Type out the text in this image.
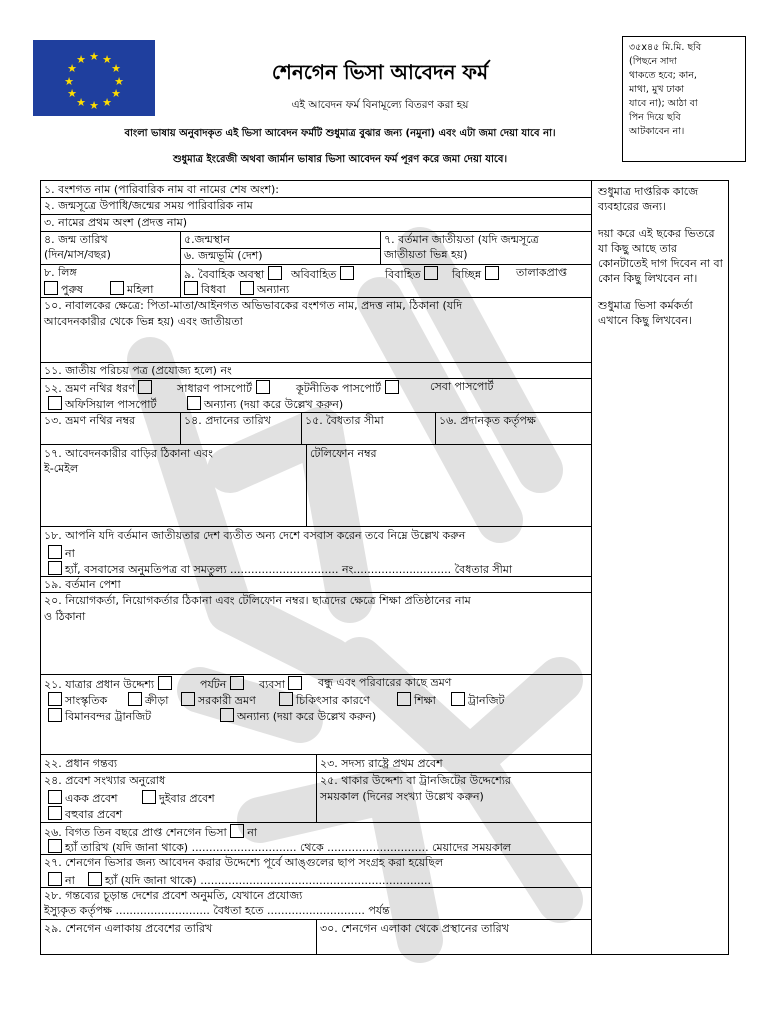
★ ★
★
★
★
★
★
★
★
★
★
★
শেনগেন ভিসা আবেদন ফর্ম
এই আবেদন ফর্ম বিনামূল্যে বিতরণ করা হয়
বাংলা ভাষায় অনুবাদকৃত এই ভিসা আবেদন ফর্মটি শুধুমাত্র বুঝার জন্য (নমুনা) এবং এটা জমা দেয়া যাবে না।
শুধুমাত্র ইংরেজী অথবা জার্মান ভাষার ভিসা আবেদন ফর্ম পূরণ করে জমা দেয়া যাবে।
৩৫x৪৫ মি.মি. ছবি
(পিছনে সাদা
থাকতে হবে; কান,
মাথা, মুখ ঢাকা
যাবে না); আঠা বা
পিন দিয়ে ছবি
আটকাবেন না।

শুধুমাত্র দাপ্তরিক কাজে ব্যবহারের জন্য।

দয়া করে এই ছকের ভিতরে যা কিছু আছে তার কোনটাতেই দাগ দিবেন না বা কোন কিছু লিখবেন না।

শুধুমাত্র ভিসা কর্মকর্তা এখানে কিছু লিখবেন।

১. বংশগত নাম (পারিবারিক নাম বা নামের শেষ অংশ):
২. জন্মসূত্রে উপাধি/জন্মের সময় পারিবারিক নাম
৩. নামের প্রথম অংশ (প্রদত্ত নাম)
৪. জন্ম তারিখ
(দিন/মাস/বছর)
৫.জন্মস্থান
৬. জন্মভূমি (দেশ)
৭. বর্তমান জাতীয়তা (যদি জন্মসূত্রে
জাতীয়তা ভিন্ন হয়)
৮. লিঙ্গ
পুরুষ	মহিলা
৯. বৈবাহিক অবস্থা	অবিবাহিত	বিবাহিত	বিচ্ছিন্ন	তালাকপ্রাপ্ত
বিধবা	অন্যান্য
১০. নাবালকের ক্ষেত্রে: পিতা-মাতা/আইনগত অভিভাবকের বংশগত নাম, প্রদত্ত নাম, ঠিকানা (যদি
আবেদনকারীর থেকে ভিন্ন হয়) এবং জাতীয়তা
১১. জাতীয় পরিচয় পত্র (প্রযোজ্য হলে) নং
১২. ভ্রমণ নথির ধরণ	সাধারণ পাসপোর্ট	কূটনীতিক পাসপোর্ট	সেবা পাসপোর্ট
অফিসিয়াল পাসপোর্ট	অন্যান্য (দয়া করে উল্লেখ করুন)
১৩. ভ্রমণ নথির নম্বর	১৪. প্রদানের তারিখ	১৫. বৈধতার সীমা	১৬. প্রদানকৃত কর্তৃপক্ষ
১৭. আবেদনকারীর বাড়ির ঠিকানা এবং
ই-মেইল
টেলিফোন নম্বর
১৮. আপনি যদি বর্তমান জাতীয়তার দেশ ব্যতীত অন্য দেশে বসবাস করেন তবে নিম্নে উল্লেখ করুন
না
হ্যাঁ, বসবাসের অনুমতিপত্র বা সমতুল্য ............................... নং............................ বৈধতার সীমা
১৯. বর্তমান পেশা
২০. নিয়োগকর্তা, নিয়োগকর্তার ঠিকানা এবং টেলিফোন নম্বর। ছাত্রদের ক্ষেত্রে শিক্ষা প্রতিষ্ঠানের নাম
ও ঠিকানা
২১. যাত্রার প্রধান উদ্দেশ্য	পর্যটন	ব্যবসা	বন্ধু এবং পরিবারের কাছে ভ্রমণ
সাংস্কৃতিক	ক্রীড়া	সরকারী ভ্রমণ	চিকিৎসার কারণে	শিক্ষা	ট্রানজিট
বিমানবন্দর ট্রানজিট	অন্যান্য (দয়া করে উল্লেখ করুন)
২২. প্রধান গন্তব্য	২৩. সদস্য রাষ্ট্রে প্রথম প্রবেশ
২৪. প্রবেশ সংখ্যার অনুরোধ
একক প্রবেশ	দুইবার প্রবেশ
বহুবার প্রবেশ
২৫. থাকার উদ্দেশ্য বা ট্রানজিটের উদ্দেশ্যের
সময়কাল (দিনের সংখ্যা উল্লেখ করুন)
২৬. বিগত তিন বছরে প্রাপ্ত শেনগেন ভিসা না
হ্যাঁ তারিখ (যদি জানা থাকে) .............................. থেকে ............................. মেয়াদের সময়কাল
২৭. শেনগেন ভিসার জন্য আবেদন করার উদ্দেশ্যে পূর্বে আঙ্গুলের ছাপ সংগ্রহ করা হয়েছিল
না	হ্যাঁ (যদি জানা থাকে) ..................................................................
২৮. গন্তব্যের চূড়ান্ত দেশের প্রবেশ অনুমতি, যেখানে প্রযোজ্য
ইস্যুকৃত কর্তৃপক্ষ ........................... বৈধতা হতে ............................ পর্যন্ত
২৯. শেনগেন এলাকায় প্রবেশের তারিখ	৩০. শেনগেন এলাকা থেকে প্রস্থানের তারিখ
